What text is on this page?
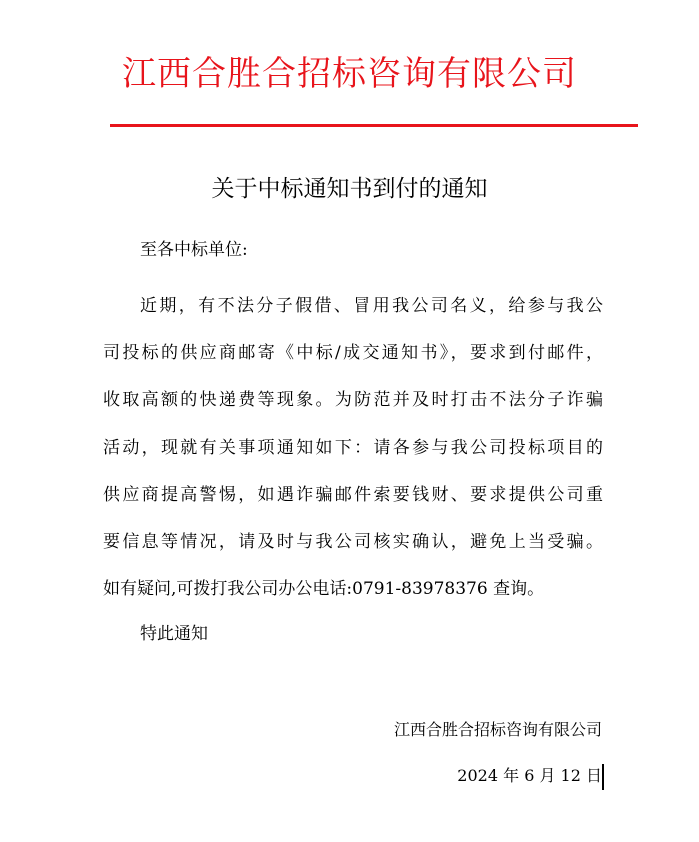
江西合胜合招标咨询有限公司
关于中标通知书到付的通知
至各中标单位:
近期，有不法分子假借、冒用我公司名义，给参与我公
司投标的供应商邮寄《中标/成交通知书》，要求到付邮件，
收取高额的快递费等现象。为防范并及时打击不法分子诈骗
活动，现就有关事项通知如下：请各参与我公司投标项目的
供应商提高警惕，如遇诈骗邮件索要钱财、要求提供公司重
要信息等情况，请及时与我公司核实确认，避免上当受骗。
如有疑问,可拨打我公司办公电话:0791-83978376 查询。
特此通知
江西合胜合招标咨询有限公司
2024 年 6 月 12 日
